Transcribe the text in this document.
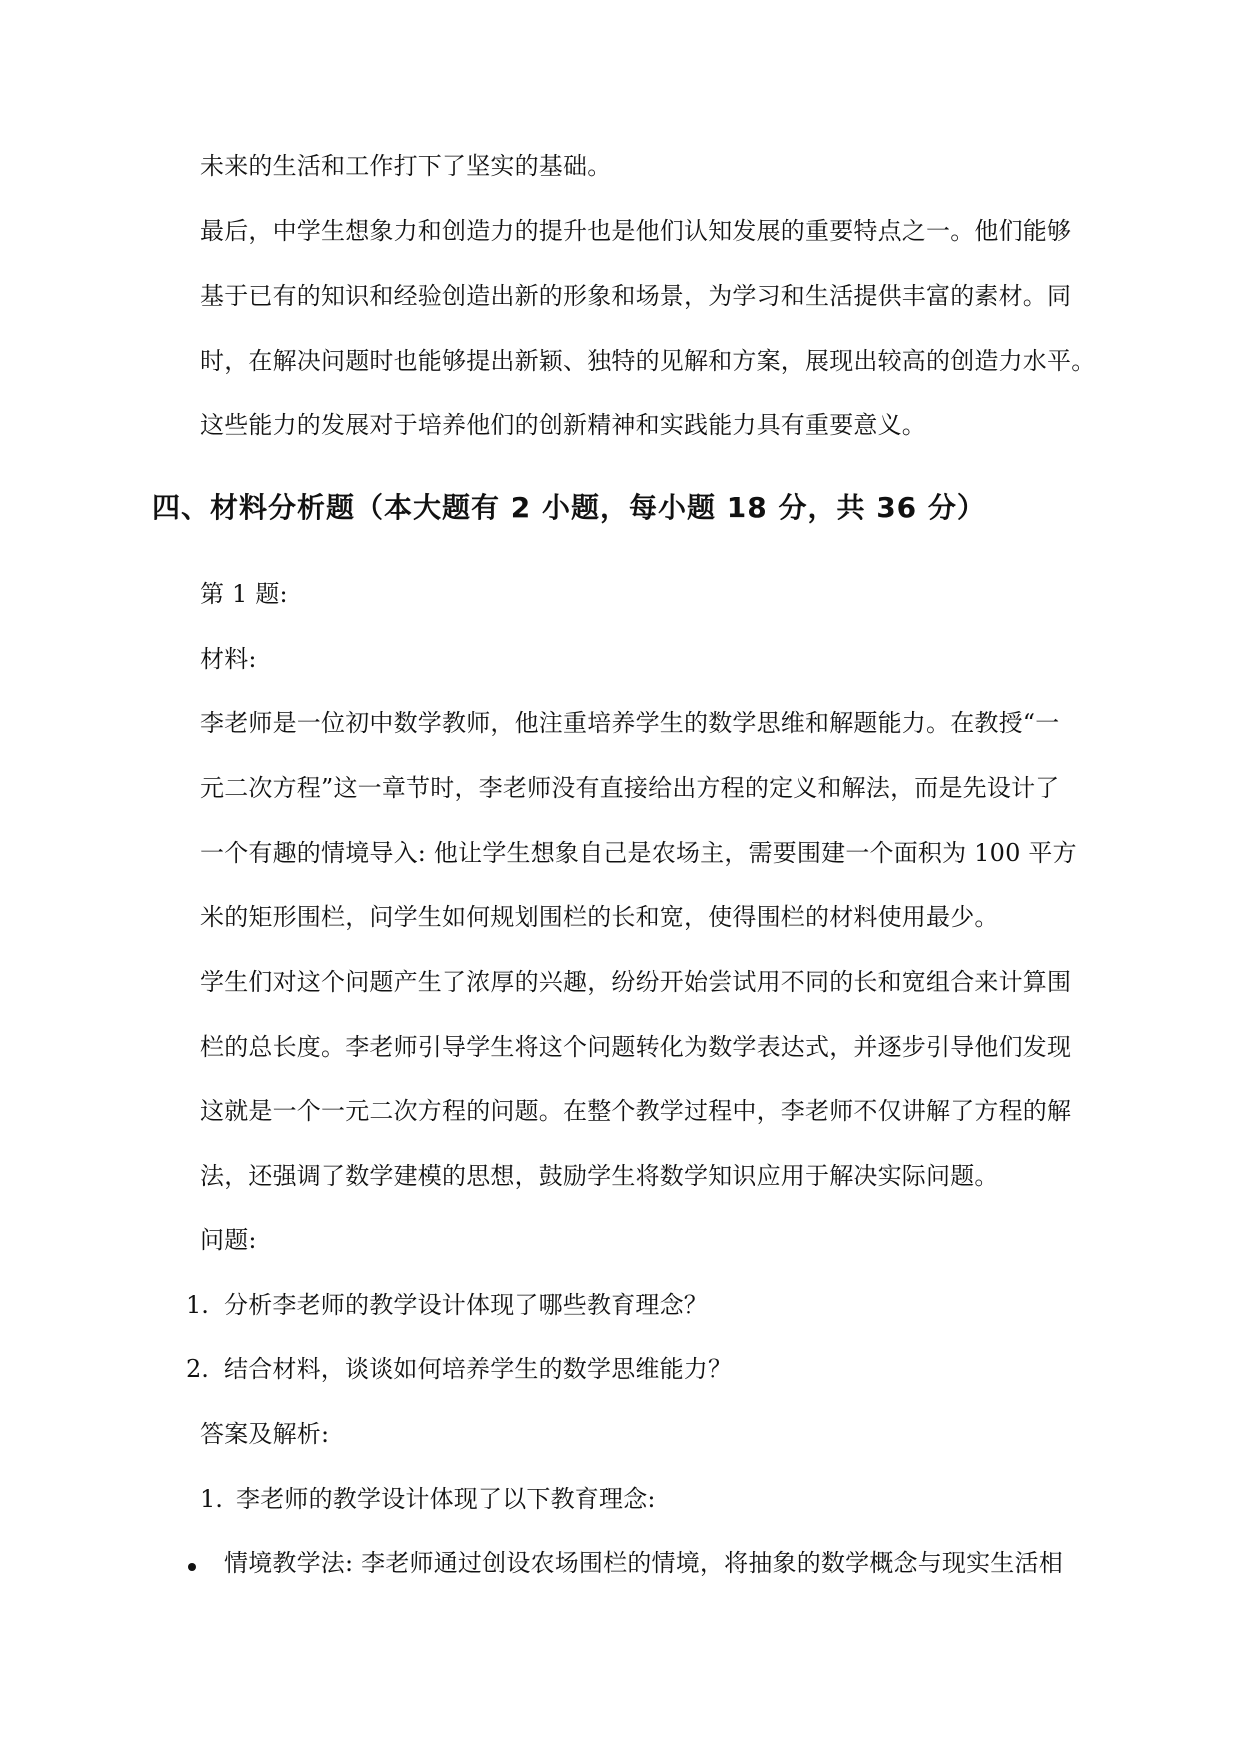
未来的生活和工作打下了坚实的基础。
最后，中学生想象力和创造力的提升也是他们认知发展的重要特点之一。他们能够
基于已有的知识和经验创造出新的形象和场景，为学习和生活提供丰富的素材。同
时，在解决问题时也能够提出新颖、独特的见解和方案，展现出较高的创造力水平。
这些能力的发展对于培养他们的创新精神和实践能力具有重要意义。
四、材料分析题（本大题有 2 小题，每小题 18 分，共 36 分）
第 1 题:
材料:
李老师是一位初中数学教师，他注重培养学生的数学思维和解题能力。在教授“一
元二次方程”这一章节时，李老师没有直接给出方程的定义和解法，而是先设计了
一个有趣的情境导入: 他让学生想象自己是农场主，需要围建一个面积为 100 平方
米的矩形围栏，问学生如何规划围栏的长和宽，使得围栏的材料使用最少。
学生们对这个问题产生了浓厚的兴趣，纷纷开始尝试用不同的长和宽组合来计算围
栏的总长度。李老师引导学生将这个问题转化为数学表达式，并逐步引导他们发现
这就是一个一元二次方程的问题。在整个教学过程中，李老师不仅讲解了方程的解
法，还强调了数学建模的思想，鼓励学生将数学知识应用于解决实际问题。
问题:
1. 分析李老师的教学设计体现了哪些教育理念？
2. 结合材料，谈谈如何培养学生的数学思维能力？
答案及解析:
1. 李老师的教学设计体现了以下教育理念:
情境教学法: 李老师通过创设农场围栏的情境，将抽象的数学概念与现实生活相
